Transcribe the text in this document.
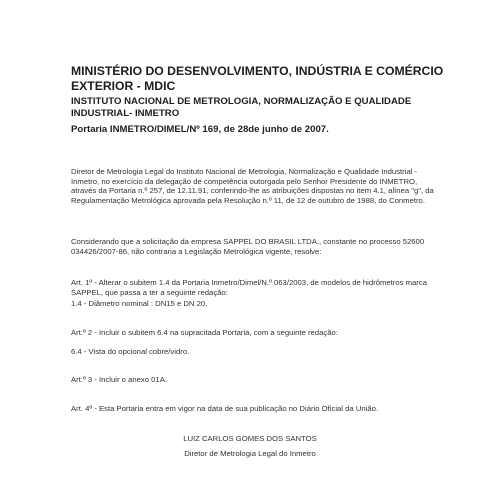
MINISTÉRIO DO DESENVOLVIMENTO, INDÚSTRIA E COMÉRCIO EXTERIOR - MDIC
INSTITUTO NACIONAL DE METROLOGIA, NORMALIZAÇÃO E QUALIDADE INDUSTRIAL- INMETRO
Portaria INMETRO/DIMEL/Nº 169, de 28de junho de 2007.
Diretor de Metrologia Legal do Instituto Nacional de Metrologia, Normalização e Qualidade Industrial - Inmetro, no exercício da delegação de competência outorgada pelo Senhor Presidente do INMETRO, através da Portaria n.º 257, de 12.11.91, conferindo-lhe as atribuições dispostas no item 4.1, alínea "g", da Regulamentação Metrológica aprovada pela Resolução n.º 11, de 12 de outubro de 1988, do Conmetro.
Considerando que a solicitação da empresa SAPPEL DO BRASIL LTDA., constante no processo 52600 034426/2007-86, não contraria a Legislação Metrológica vigente, resolve:
Art. 1º - Alterar o subitem 1.4 da Portaria Inmetro/Dimel/N.º 063/2003, de modelos de hidrômetros marca SAPPEL, que passa a ter a seguinte redação:
1.4 - Diâmetro nominal : DN15 e DN 20.
Art.º 2 - Incluir o subitem 6.4 na supracitada Portaria, com a seguinte redação:
6.4 - Vista do opcional cobre/vidro.
Art.º 3 - Incluir o anexo 01A.
Art. 4º - Esta Portaria entra em vigor na data de sua publicação no Diário Oficial da União.
LUIZ CARLOS GOMES DOS SANTOS
Diretor de Metrologia Legal do Inmetro
